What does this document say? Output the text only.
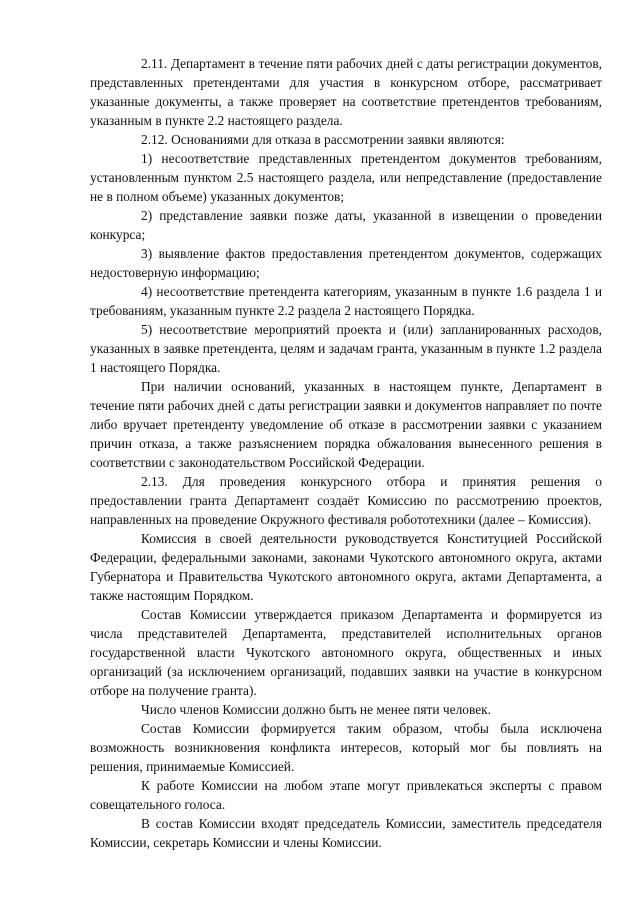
2.11. Департамент в течение пяти рабочих дней с даты регистрации документов, представленных претендентами для участия в конкурсном отборе, рассматривает указанные документы, а также проверяет на соответствие претендентов требованиям, указанным в пункте 2.2 настоящего раздела.

2.12. Основаниями для отказа в рассмотрении заявки являются:

1) несоответствие представленных претендентом документов требованиям, установленным пунктом 2.5 настоящего раздела, или непредставление (предоставление не в полном объеме) указанных документов;

2) представление заявки позже даты, указанной в извещении о проведении конкурса;

3) выявление фактов предоставления претендентом документов, содержащих недостоверную информацию;

4) несоответствие претендента категориям, указанным в пункте 1.6 раздела 1 и требованиям, указанным пункте 2.2 раздела 2 настоящего Порядка.

5) несоответствие мероприятий проекта и (или) запланированных расходов, указанных в заявке претендента, целям и задачам гранта, указанным в пункте 1.2 раздела 1 настоящего Порядка.

При наличии оснований, указанных в настоящем пункте, Департамент в течение пяти рабочих дней с даты регистрации заявки и документов направляет по почте либо вручает претенденту уведомление об отказе в рассмотрении заявки с указанием причин отказа, а также разъяснением порядка обжалования вынесенного решения в соответствии с законодательством Российской Федерации.

2.13. Для проведения конкурсного отбора и принятия решения о предоставлении гранта Департамент создаёт Комиссию по рассмотрению проектов, направленных на проведение Окружного фестиваля робототехники (далее – Комиссия).

Комиссия в своей деятельности руководствуется Конституцией Российской Федерации, федеральными законами, законами Чукотского автономного округа, актами Губернатора и Правительства Чукотского автономного округа, актами Департамента, а также настоящим Порядком.

Состав Комиссии утверждается приказом Департамента и формируется из числа представителей Департамента, представителей исполнительных органов государственной власти Чукотского автономного округа, общественных и иных организаций (за исключением организаций, подавших заявки на участие в конкурсном отборе на получение гранта).

Число членов Комиссии должно быть не менее пяти человек.

Состав Комиссии формируется таким образом, чтобы была исключена возможность возникновения конфликта интересов, который мог бы повлиять на решения, принимаемые Комиссией.

К работе Комиссии на любом этапе могут привлекаться эксперты с правом совещательного голоса.

В состав Комиссии входят председатель Комиссии, заместитель председателя Комиссии, секретарь Комиссии и члены Комиссии.
